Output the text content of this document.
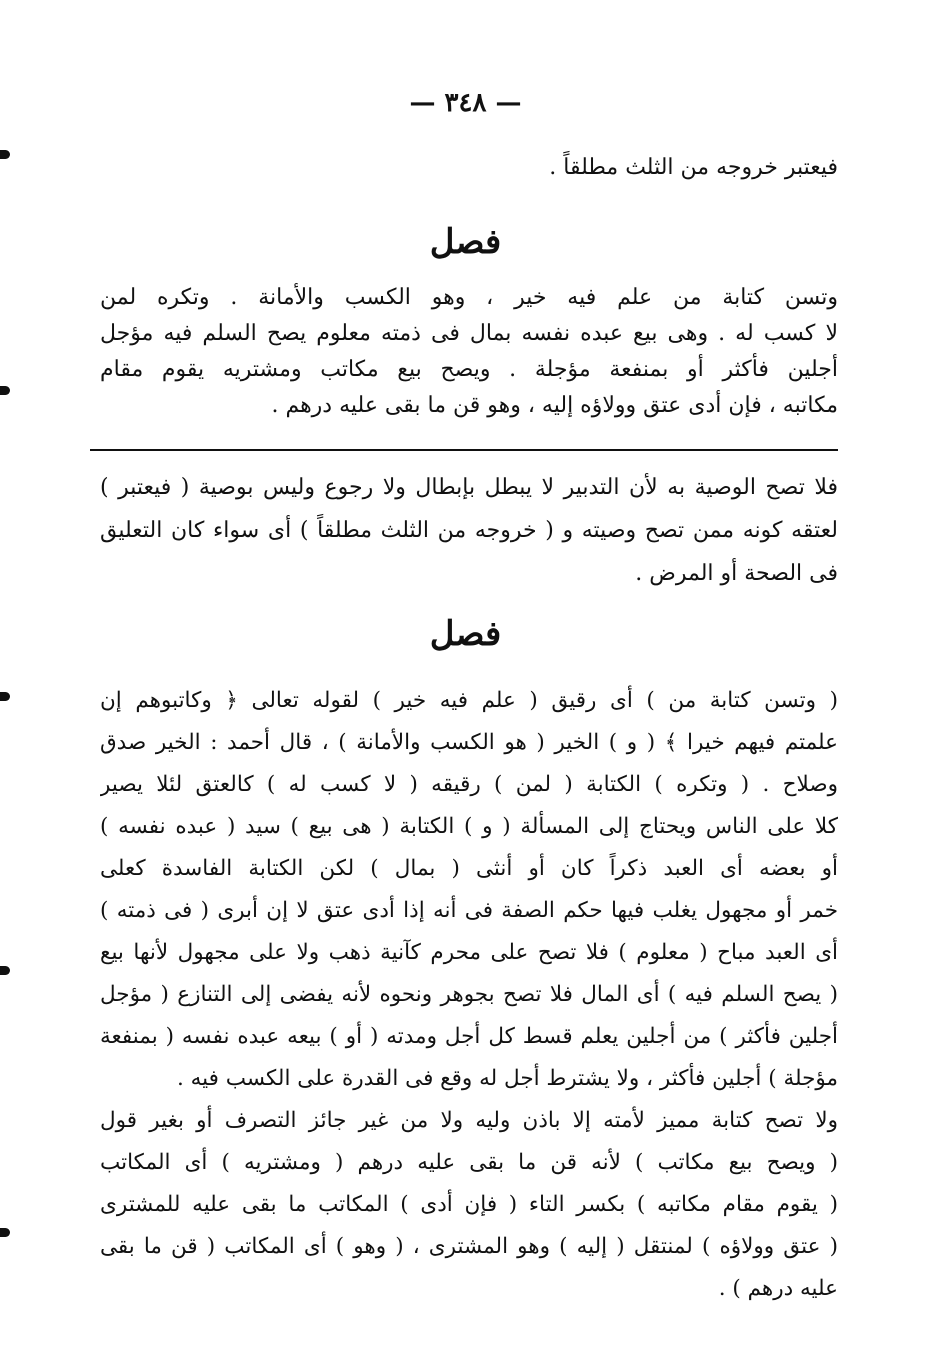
— ٣٤٨ —
فيعتبر خروجه من الثلث مطلقاً .
فصل
وتسن كتابة من علم فيه خير ، وهو الكسب والأمانة . وتكره لمن
لا كسب له . وهى بيع عبده نفسه بمال فى ذمته معلوم يصح السلم فيه مؤجل
أجلين فأكثر أو بمنفعة مؤجلة . ويصح بيع مكاتب ومشتريه يقوم مقام
مكاتبه ، فإن أدى عتق وولاؤه إليه ، وهو قن ما بقى عليه درهم .
فلا تصح الوصية به لأن التدبير لا يبطل بإبطال ولا رجوع وليس بوصية ( فيعتبر )
لعتقه كونه ممن تصح وصيته و ( خروجه من الثلث مطلقاً ) أى سواء كان التعليق
فى الصحة أو المرض .
فصل
( وتسن كتابة من ) أى رقيق ( علم فيه خير ) لقوله تعالى ﴿ وكاتبوهم إن
علمتم فيهم خيرا ﴾ ( و ) الخير ( هو الكسب والأمانة ) ، قال أحمد : الخير صدق
وصلاح . ( وتكره ) الكتابة ( لمن ) رقيقه ( لا كسب له ) كالعتق لئلا يصير
كلا على الناس ويحتاج إلى المسألة ( و ) الكتابة ( هى بيع ) سيد ( عبده نفسه )
أو بعضه أى العبد ذكراً كان أو أنثى ( بمال ) لكن الكتابة الفاسدة كعلى
خمر أو مجهول يغلب فيها حكم الصفة فى أنه إذا أدى عتق لا إن أبرى ( فى ذمته )
أى العبد مباح ( معلوم ) فلا تصح على محرم كآنية ذهب ولا على مجهول لأنها بيع
( يصح السلم فيه ) أى المال فلا تصح بجوهر ونحوه لأنه يفضى إلى التنازع ( مؤجل
أجلين فأكثر ) من أجلين يعلم قسط كل أجل ومدته ( أو ) بيعه عبده نفسه ( بمنفعة
مؤجلة ) أجلين فأكثر ، ولا يشترط أجل له وقع فى القدرة على الكسب فيه .
ولا تصح كتابة مميز لأمته إلا باذن وليه ولا من غير جائز التصرف أو بغير قول
( ويصح بيع مكاتب ) لأنه قن ما بقى عليه درهم ( ومشتريه ) أى المكاتب
( يقوم مقام مكاتبه ) بكسر التاء ( فإن أدى ) المكاتب ما بقى عليه للمشترى
( عتق وولاؤه ) لمنتقل ( إليه ) وهو المشترى ، ( وهو ) أى المكاتب ( قن ما بقى
عليه درهم ) .
